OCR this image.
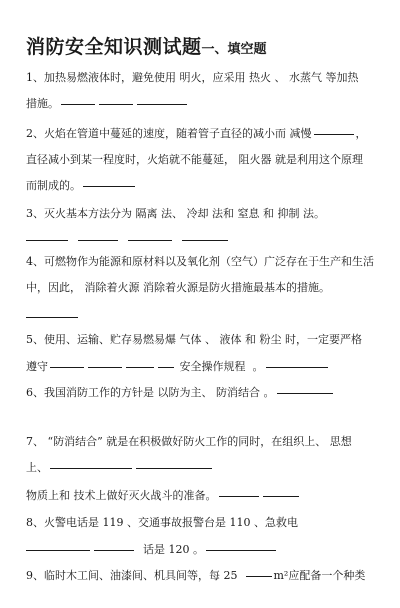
消防安全知识测试题一、填空题
1、加热易燃液体时，避免使用 明火，应采用 热火 、 水蒸气 等加热
措施。
2、火焰在管道中蔓延的速度，随着管子直径的减小而 减慢	，
直径减小到某一程度时，火焰就不能蔓延， 阻火器 就是利用这个原理
而制成的。
3、灭火基本方法分为 隔离 法、 冷却 法和 窒息 和 抑制 法。
4、可燃物作为能源和原材料以及氧化剂（空气）广泛存在于生产和生活
中，因此， 消除着火源 消除着火源是防火措施最基本的措施。
5、使用、运输、贮存易燃易爆 气体 、 液体 和 粉尘 时，一定要严格
遵守	安全操作规程 。
6、我国消防工作的方针是 以防为主、 防消结合 。
7、 “防消结合” 就是在积极做好防火工作的同时，在组织上、 思想
上、
物质上和 技术上做好灭火战斗的准备。
8、火警电话是 119 、交通事故报警台是 110 、急救电
话是 120 。
9、临时木工间、油漆间、机具间等，每 25	m²应配备一个种类
